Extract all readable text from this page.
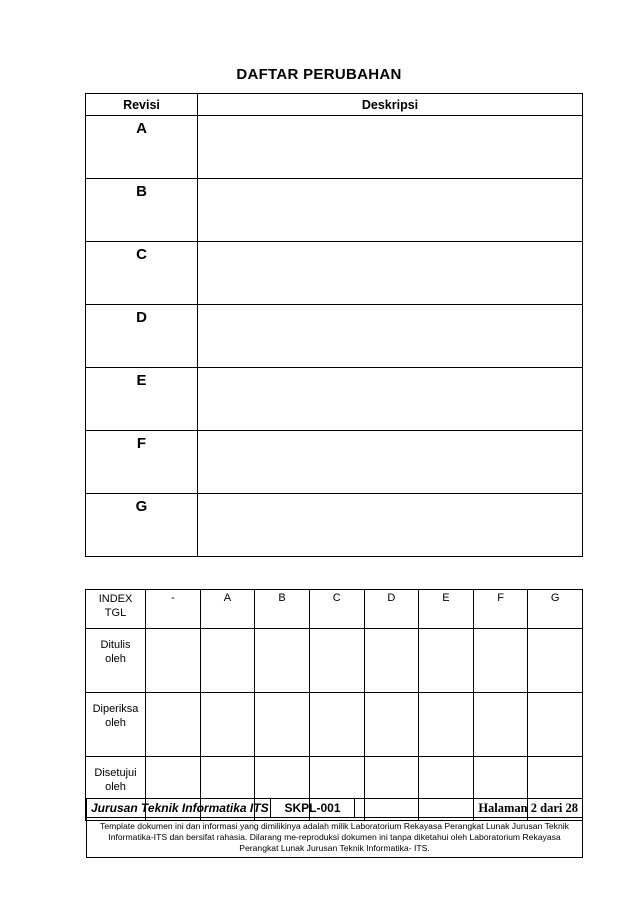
DAFTAR PERUBAHAN
Revisi	Deskripsi
A	
B	
C	
D	
E	
F	
G	
INDEX
TGL	-	A	B	C	D	E	F	G

Ditulis
oleh								

Diperiksa
oleh								

Disetujui
oleh								

Jurusan Teknik Informatika ITS	SKPL-001	Halaman 2 dari 28
Template dokumen ini dan informasi yang dimilikinya adalah milik Laboratorium Rekayasa Perangkat Lunak Jurusan Teknik Informatika-ITS dan bersifat rahasia. Dilarang me-reproduksi dokumen ini tanpa diketahui oleh Laboratorium Rekayasa Perangkat Lunak Jurusan Teknik Informatika- ITS.
